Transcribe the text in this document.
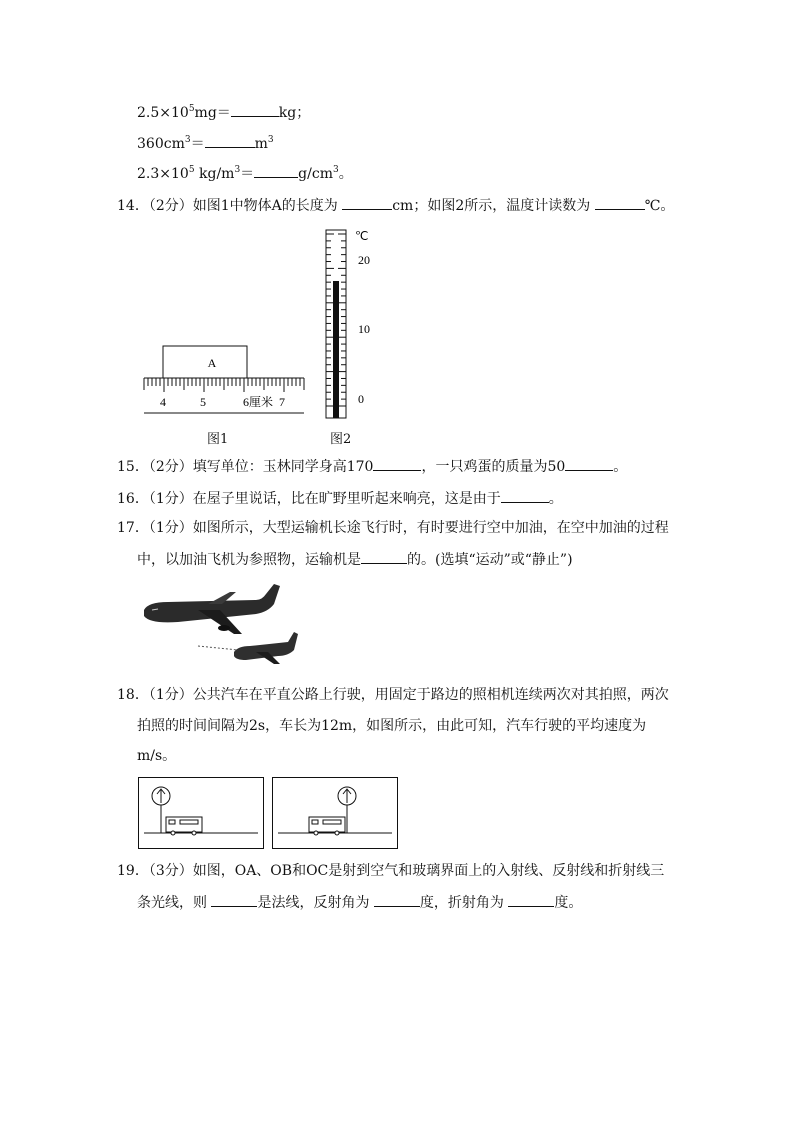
$2.5\times 10^5mg=$	kg；
$360cm^3=$	$m^3$
$2.3\times 10^5$ $kg/m^3=$	$g/cm^3$。
14．（2分）如图1中物体A的长度为	cm；如图2所示，温度计读数为	℃。
A
4	5	6厘米 7
图1
℃
20
10
0
图2
15．（2分）填写单位：玉林同学身高170	，一只鸡蛋的质量为50	。
16．（1分）在屋子里说话，比在旷野里听起来响亮，这是由于	。
17．（1分）如图所示，大型运输机长途飞行时，有时要进行空中加油，在空中加油的过程
中，以加油飞机为参照物，运输机是	的。(选填“运动”或“静止”)
18．（1分）公共汽车在平直公路上行驶，用固定于路边的照相机连续两次对其拍照，两次
拍照的时间间隔为2s，车长为12m，如图所示，由此可知，汽车行驶的平均速度为
m/s。
19．（3分）如图，OA、OB和OC是射到空气和玻璃界面上的入射线、反射线和折射线三
条光线，则	是法线，反射角为	度，折射角为	度。
